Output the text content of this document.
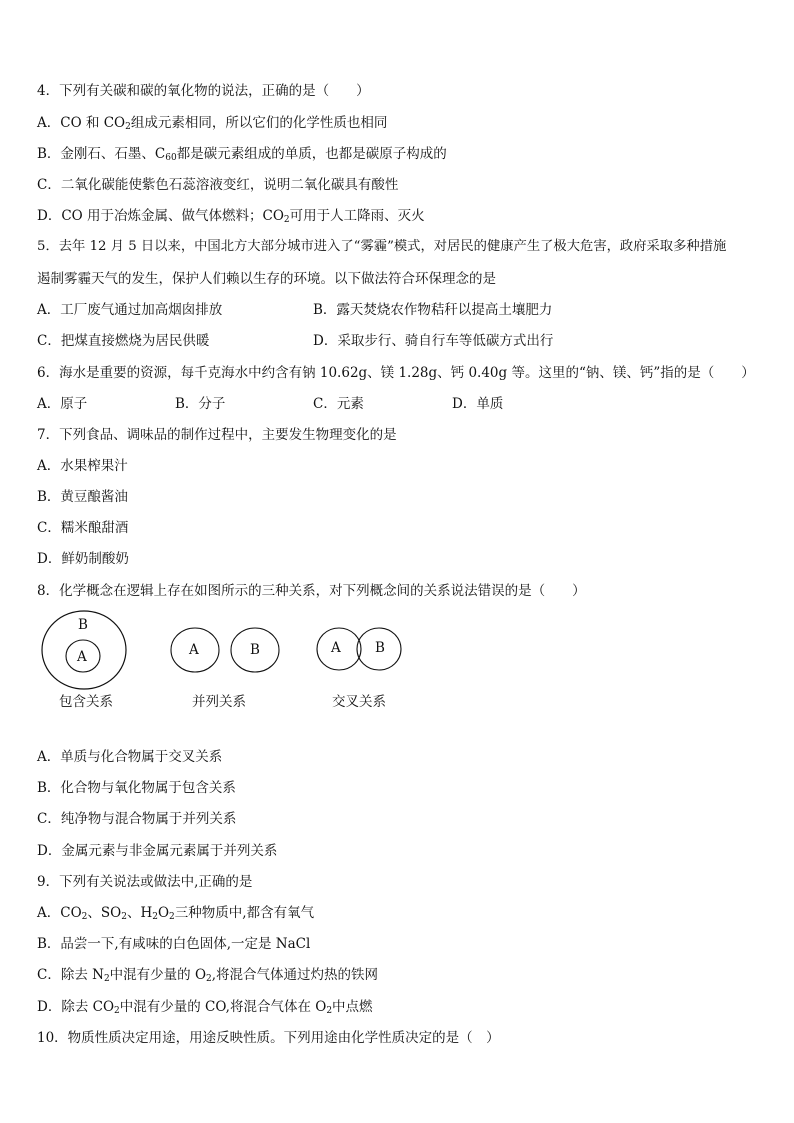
4．下列有关碳和碳的氧化物的说法，正确的是（　　）
A．CO 和 $CO_2$组成元素相同，所以它们的化学性质也相同
B．金刚石、石墨、$C_{60}$都是碳元素组成的单质，也都是碳原子构成的
C．二氧化碳能使紫色石蕊溶液变红，说明二氧化碳具有酸性
D．CO 用于冶炼金属、做气体燃料；$CO_2$可用于人工降雨、灭火
5．去年 12 月 5 日以来，中国北方大部分城市进入了“雾霾”模式，对居民的健康产生了极大危害，政府采取多种措施
遏制雾霾天气的发生，保护人们赖以生存的环境。以下做法符合环保理念的是
A．工厂废气通过加高烟囱排放	B．露天焚烧农作物秸秆以提高土壤肥力
C．把煤直接燃烧为居民供暖	D．采取步行、骑自行车等低碳方式出行
6．海水是重要的资源，每千克海水中约含有钠 10.62g、镁 1.28g、钙 0.40g 等。这里的“钠、镁、钙”指的是（　　）
A．原子	B．分子	C．元素	D．单质
7．下列食品、调味品的制作过程中，主要发生物理变化的是
A．水果榨果汁
B．黄豆酿酱油
C．糯米酿甜酒
D．鲜奶制酸奶
8．化学概念在逻辑上存在如图所示的三种关系，对下列概念间的关系说法错误的是（　　）
B
A	A	B	A	B
包含关系	并列关系	交叉关系
A．单质与化合物属于交叉关系
B．化合物与氧化物属于包含关系
C．纯净物与混合物属于并列关系
D．金属元素与非金属元素属于并列关系
9．下列有关说法或做法中,正确的是
A．$CO_2$、$SO_2$、$H_2O_2$三种物质中,都含有氧气
B．品尝一下,有咸味的白色固体,一定是 NaCl
C．除去 $N_2$中混有少量的 $O_2$,将混合气体通过灼热的铁网
D．除去 $CO_2$中混有少量的 CO,将混合气体在 $O_2$中点燃
10．物质性质决定用途，用途反映性质。下列用途由化学性质决定的是（　）
